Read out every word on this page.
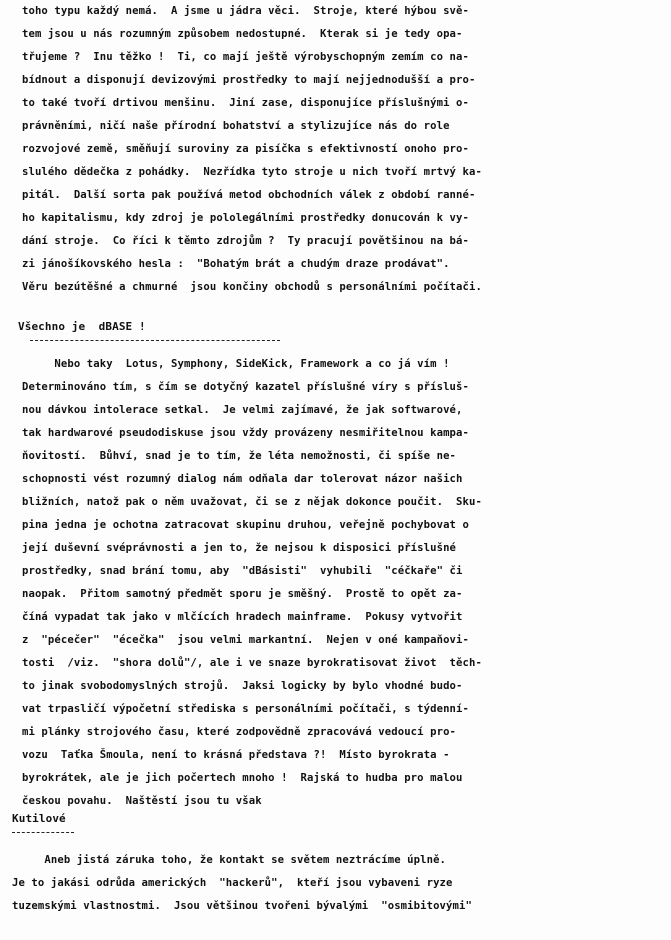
toho typu každý nemá.  A jsme u jádra věci.  Stroje, které hýbou svě-
tem jsou u nás rozumným způsobem nedostupné.  Kterak si je tedy opa-
třujeme ?  Inu těžko !  Ti, co mají ještě výrobyschopným zemím co na-
bídnout a disponují devizovými prostředky to mají nejjednodušší a pro-
to také tvoří drtivou menšinu.  Jiní zase, disponujíce příslušnými o-
právněními, ničí naše přírodní bohatství a stylizujíce nás do role
rozvojové země, směňují suroviny za pisíčka s efektivností onoho pro-
slulého dědečka z pohádky.  Nezřídka tyto stroje u nich tvoří mrtvý ka-
pitál.  Další sorta pak používá metod obchodních válek z období ranné-
ho kapitalismu, kdy zdroj je pololegálními prostředky donucován k vy-
dání stroje.  Co říci k těmto zdrojům ?  Ty pracují povětšinou na bá-
zi jánošíkovského hesla :  "Bohatým brát a chudým draze prodávat".
Věru bezútěšné a chmurné  jsou končiny obchodů s personálními počítači.
Všechno je  dBASE !
Nebo taky  Lotus, Symphony, SideKick, Framework a co já vím !
Determinováno tím, s čím se dotyčný kazatel příslušné víry s přísluš-
nou dávkou intolerace setkal.  Je velmi zajímavé, že jak softwarové,
tak hardwarové pseudodiskuse jsou vždy provázeny nesmiřitelnou kampa-
ňovitostí.  Bůhví, snad je to tím, že léta nemožnosti, či spíše ne-
schopnosti vést rozumný dialog nám odňala dar tolerovat názor našich
bližních, natož pak o něm uvažovat, či se z nějak dokonce poučit.  Sku-
pina jedna je ochotna zatracovat skupinu druhou, veřejně pochybovat o
její duševní svéprávnosti a jen to, že nejsou k disposici příslušné
prostředky, snad brání tomu, aby  "dBásisti"  vyhubili  "céčkaře" či
naopak.  Přitom samotný předmět sporu je směšný.  Prostě to opět za-
číná vypadat tak jako v mlčících hradech mainframe.  Pokusy vytvořit
z  "pécečer"  "écečka"  jsou velmi markantní.  Nejen v oné kampaňovi-
tosti  /viz.  "shora dolů"/, ale i ve snaze byrokratisovat život  těch-
to jinak svobodomyslných strojů.  Jaksi logicky by bylo vhodné budo-
vat trpasličí výpočetní střediska s personálními počítači, s týdenní-
mi plánky strojového času, které zodpovědně zpracovává vedoucí pro-
vozu  Taťka Šmoula, není to krásná představa ?!  Místo byrokrata -
byrokrátek, ale je jich počertech mnoho !  Rajská to hudba pro malou
českou povahu.  Naštěstí jsou tu však
Kutilové
Aneb jistá záruka toho, že kontakt se světem neztrácíme úplně.
Je to jakási odrůda amerických  "hackerů",  kteří jsou vybaveni ryze
tuzemskými vlastnostmi.  Jsou většinou tvořeni bývalými  "osmibitovými"
